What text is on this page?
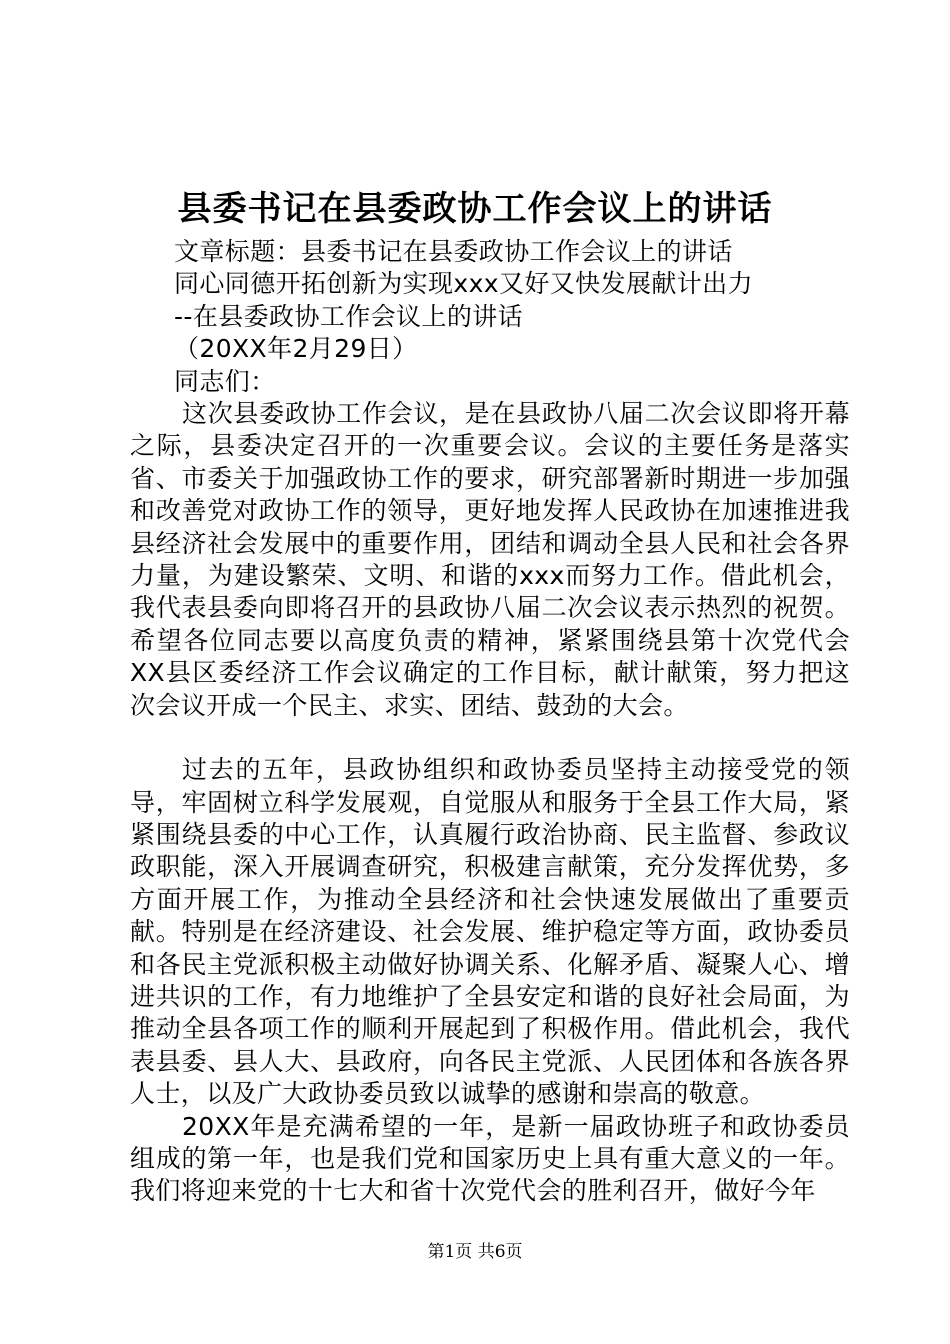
县委书记在县委政协工作会议上的讲话

文章标题：县委书记在县委政协工作会议上的讲话

同心同德开拓创新为实现xxx又好又快发展献计出力

--在县委政协工作会议上的讲话

（20XX年2月29日）

同志们：

这次县委政协工作会议，是在县政协八届二次会议即将开幕之际，县委决定召开的一次重要会议。会议的主要任务是落实省、市委关于加强政协工作的要求，研究部署新时期进一步加强和改善党对政协工作的领导，更好地发挥人民政协在加速推进我县经济社会发展中的重要作用，团结和调动全县人民和社会各界力量，为建设繁荣、文明、和谐的xxx而努力工作。借此机会，我代表县委向即将召开的县政协八届二次会议表示热烈的祝贺。希望各位同志要以高度负责的精神，紧紧围绕县第十次党代会XX县区委经济工作会议确定的工作目标，献计献策，努力把这次会议开成一个民主、求实、团结、鼓劲的大会。

过去的五年，县政协组织和政协委员坚持主动接受党的领导，牢固树立科学发展观，自觉服从和服务于全县工作大局，紧紧围绕县委的中心工作，认真履行政治协商、民主监督、参政议政职能，深入开展调查研究，积极建言献策，充分发挥优势，多方面开展工作，为推动全县经济和社会快速发展做出了重要贡献。特别是在经济建设、社会发展、维护稳定等方面，政协委员和各民主党派积极主动做好协调关系、化解矛盾、凝聚人心、增进共识的工作，有力地维护了全县安定和谐的良好社会局面，为推动全县各项工作的顺利开展起到了积极作用。借此机会，我代表县委、县人大、县政府，向各民主党派、人民团体和各族各界人士，以及广大政协委员致以诚挚的感谢和崇高的敬意。

20XX年是充满希望的一年，是新一届政协班子和政协委员组成的第一年，也是我们党和国家历史上具有重大意义的一年。我们将迎来党的十七大和省十次党代会的胜利召开，做好今年

第1页 共6页
